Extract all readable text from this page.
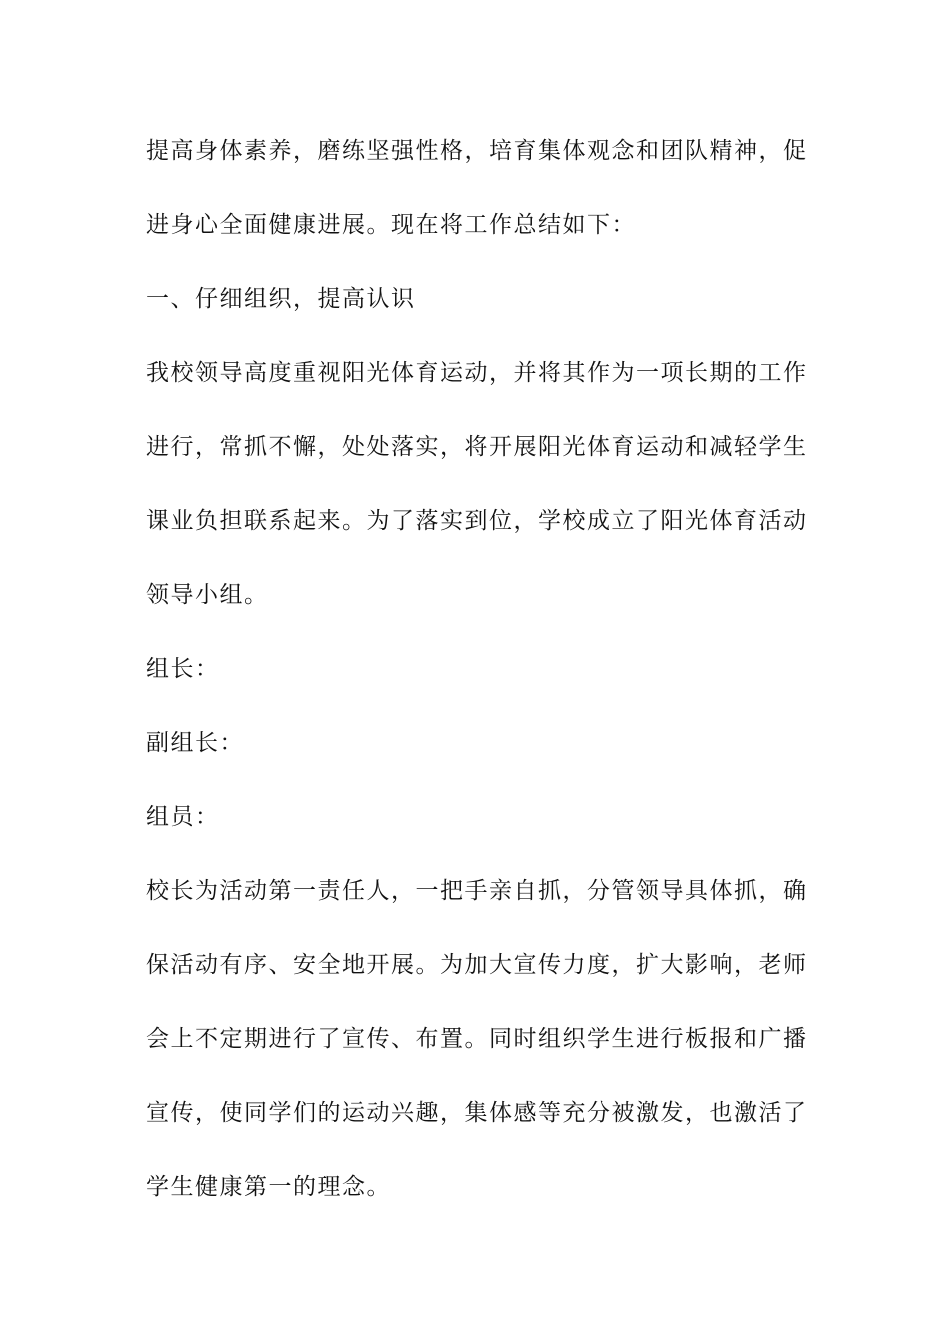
提高身体素养，磨练坚强性格，培育集体观念和团队精神，促
进身心全面健康进展。现在将工作总结如下：
一、仔细组织，提高认识
我校领导高度重视阳光体育运动，并将其作为一项长期的工作
进行，常抓不懈，处处落实，将开展阳光体育运动和减轻学生
课业负担联系起来。为了落实到位，学校成立了阳光体育活动
领导小组。
组长：
副组长：
组员：
校长为活动第一责任人，一把手亲自抓，分管领导具体抓，确
保活动有序、安全地开展。为加大宣传力度，扩大影响，老师
会上不定期进行了宣传、布置。同时组织学生进行板报和广播
宣传，使同学们的运动兴趣，集体感等充分被激发，也激活了
学生健康第一的理念。
